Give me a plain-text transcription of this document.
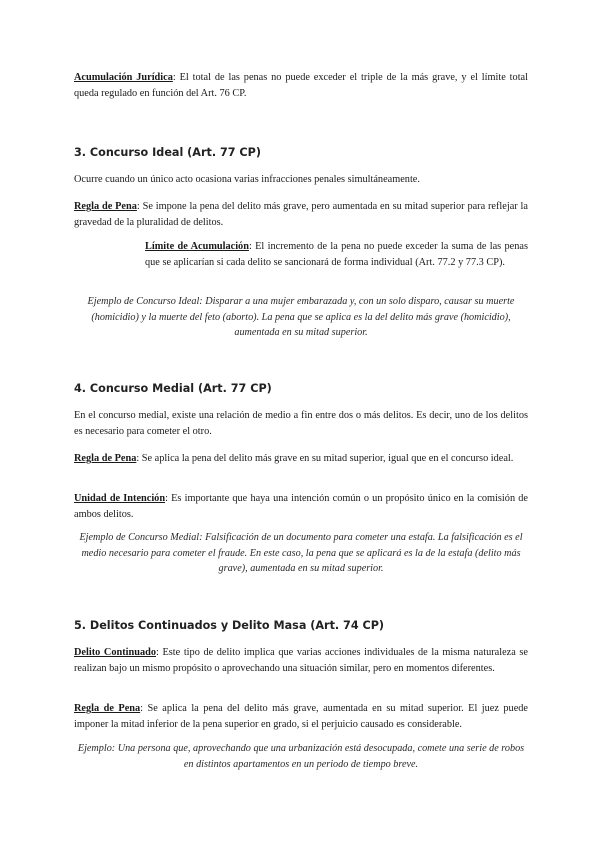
Acumulación Jurídica: El total de las penas no puede exceder el triple de la más grave, y el límite total queda regulado en función del Art. 76 CP.

3. Concurso Ideal (Art. 77 CP)

Ocurre cuando un único acto ocasiona varias infracciones penales simultáneamente.

Regla de Pena: Se impone la pena del delito más grave, pero aumentada en su mitad superior para reflejar la gravedad de la pluralidad de delitos.

Límite de Acumulación: El incremento de la pena no puede exceder la suma de las penas que se aplicarían si cada delito se sancionará de forma individual (Art. 77.2 y 77.3 CP).

Ejemplo de Concurso Ideal: Disparar a una mujer embarazada y, con un solo disparo, causar su muerte (homicidio) y la muerte del feto (aborto). La pena que se aplica es la del delito más grave (homicidio), aumentada en su mitad superior.

4. Concurso Medial (Art. 77 CP)

En el concurso medial, existe una relación de medio a fin entre dos o más delitos. Es decir, uno de los delitos es necesario para cometer el otro.

Regla de Pena: Se aplica la pena del delito más grave en su mitad superior, igual que en el concurso ideal.

Unidad de Intención: Es importante que haya una intención común o un propósito único en la comisión de ambos delitos.

Ejemplo de Concurso Medial: Falsificación de un documento para cometer una estafa. La falsificación es el medio necesario para cometer el fraude. En este caso, la pena que se aplicará es la de la estafa (delito más grave), aumentada en su mitad superior.

5. Delitos Continuados y Delito Masa (Art. 74 CP)

Delito Continuado: Este tipo de delito implica que varias acciones individuales de la misma naturaleza se realizan bajo un mismo propósito o aprovechando una situación similar, pero en momentos diferentes.

Regla de Pena: Se aplica la pena del delito más grave, aumentada en su mitad superior. El juez puede imponer la mitad inferior de la pena superior en grado, si el perjuicio causado es considerable.

Ejemplo: Una persona que, aprovechando que una urbanización está desocupada, comete una serie de robos en distintos apartamentos en un periodo de tiempo breve.
